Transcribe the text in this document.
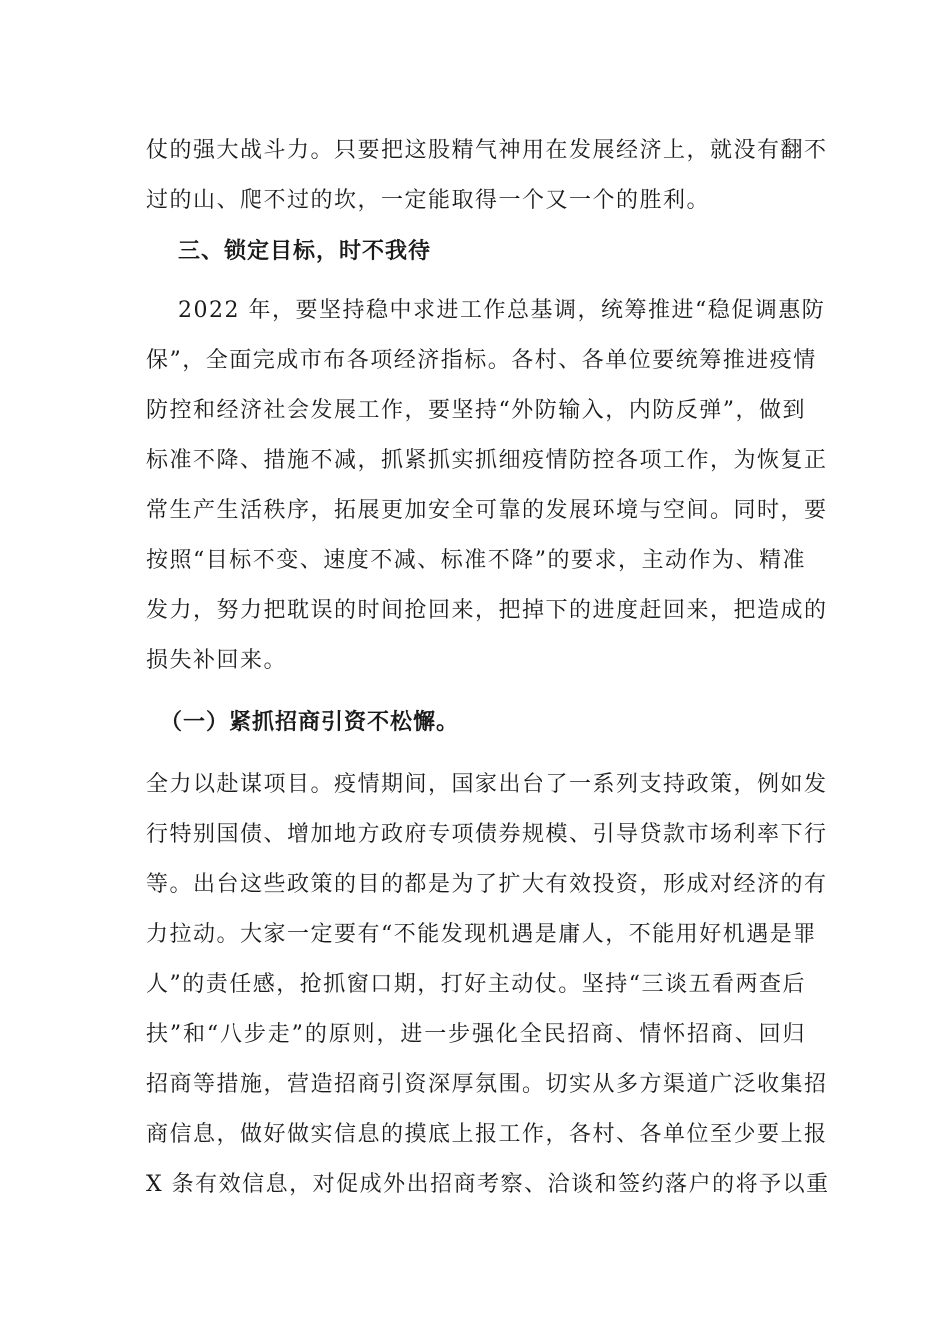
仗的强大战斗力。只要把这股精气神用在发展经济上，就没有翻不
过的山、爬不过的坎，一定能取得一个又一个的胜利。
三、锁定目标，时不我待
2022 年，要坚持稳中求进工作总基调，统筹推进“稳促调惠防
保”，全面完成市布各项经济指标。各村、各单位要统筹推进疫情
防控和经济社会发展工作，要坚持“外防输入，内防反弹”，做到
标准不降、措施不减，抓紧抓实抓细疫情防控各项工作，为恢复正
常生产生活秩序，拓展更加安全可靠的发展环境与空间。同时，要
按照“目标不变、速度不减、标准不降”的要求，主动作为、精准
发力，努力把耽误的时间抢回来，把掉下的进度赶回来，把造成的
损失补回来。
（一）紧抓招商引资不松懈。
全力以赴谋项目。疫情期间，国家出台了一系列支持政策，例如发
行特别国债、增加地方政府专项债券规模、引导贷款市场利率下行
等。出台这些政策的目的都是为了扩大有效投资，形成对经济的有
力拉动。大家一定要有“不能发现机遇是庸人，不能用好机遇是罪
人”的责任感，抢抓窗口期，打好主动仗。坚持“三谈五看两查后
扶”和“八步走”的原则，进一步强化全民招商、情怀招商、回归
招商等措施，营造招商引资深厚氛围。切实从多方渠道广泛收集招
商信息，做好做实信息的摸底上报工作，各村、各单位至少要上报
X 条有效信息，对促成外出招商考察、洽谈和签约落户的将予以重
